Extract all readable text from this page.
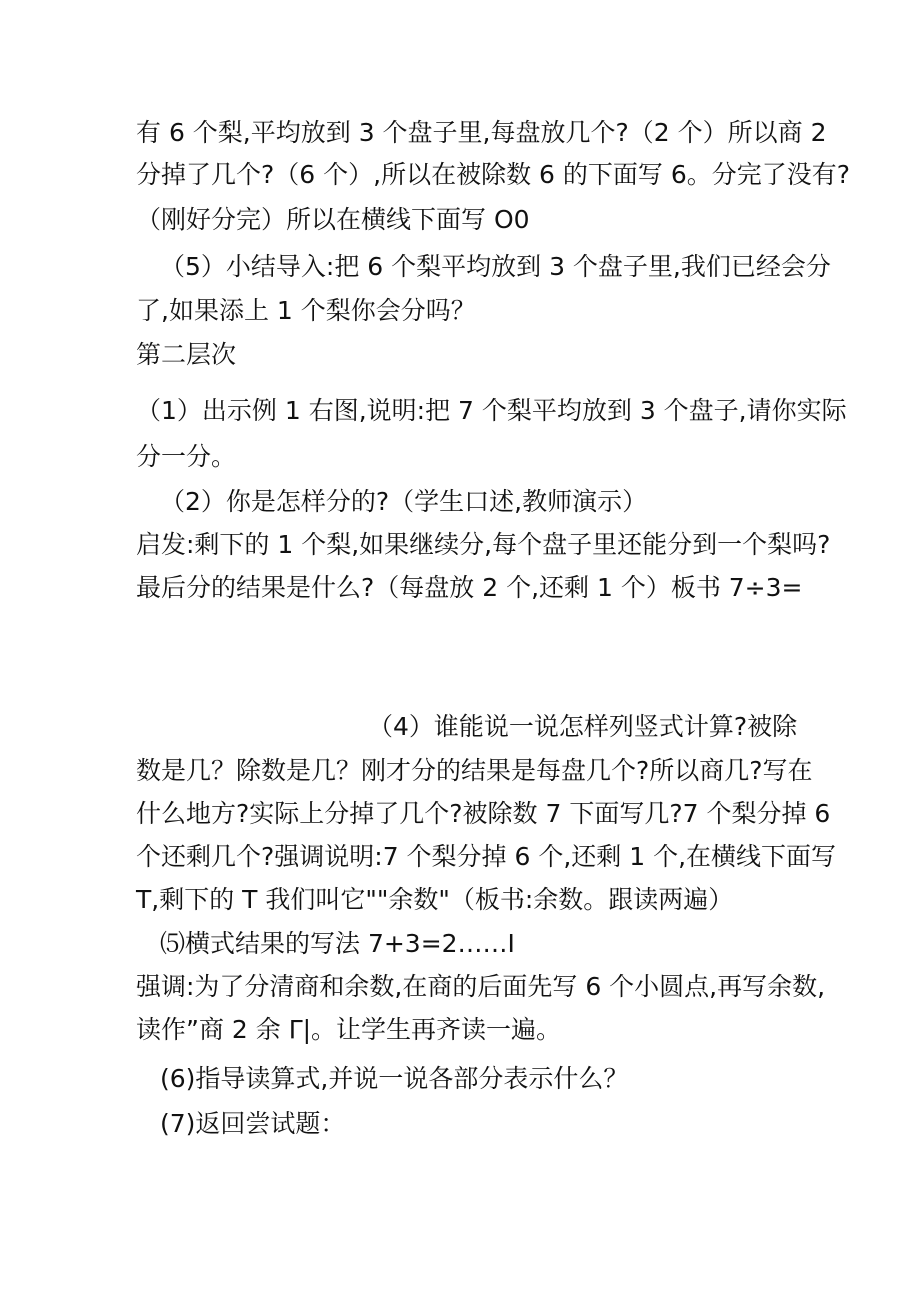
有 6 个梨,平均放到 3 个盘子里,每盘放几个?（2 个）所以商 2

分掉了几个?（6 个）,所以在被除数 6 的下面写 6。分完了没有?

（刚好分完）所以在横线下面写 O0

（5）小结导入:把 6 个梨平均放到 3 个盘子里,我们已经会分

了,如果添上 1 个梨你会分吗？

第二层次

（1）出示例 1 右图,说明:把 7 个梨平均放到 3 个盘子,请你实际

分一分。

（2）你是怎样分的?（学生口述,教师演示）

启发:剩下的 1 个梨,如果继续分,每个盘子里还能分到一个梨吗?

最后分的结果是什么?（每盘放 2 个,还剩 1 个）板书 7÷3=

（4）谁能说一说怎样列竖式计算?被除

数是几？除数是几？刚才分的结果是每盘几个?所以商几?写在

什么地方?实际上分掉了几个?被除数 7 下面写几?7 个梨分掉 6

个还剩几个?强调说明:7 个梨分掉 6 个,还剩 1 个,在横线下面写

T,剩下的 T 我们叫它""余数"（板书:余数。跟读两遍）

⑸横式结果的写法 7+3=2……I

强调:为了分清商和余数,在商的后面先写 6 个小圆点,再写余数,

读作”商 2 余 Γ|。让学生再齐读一遍。

(6)指导读算式,并说一说各部分表示什么？

(7)返回尝试题：
